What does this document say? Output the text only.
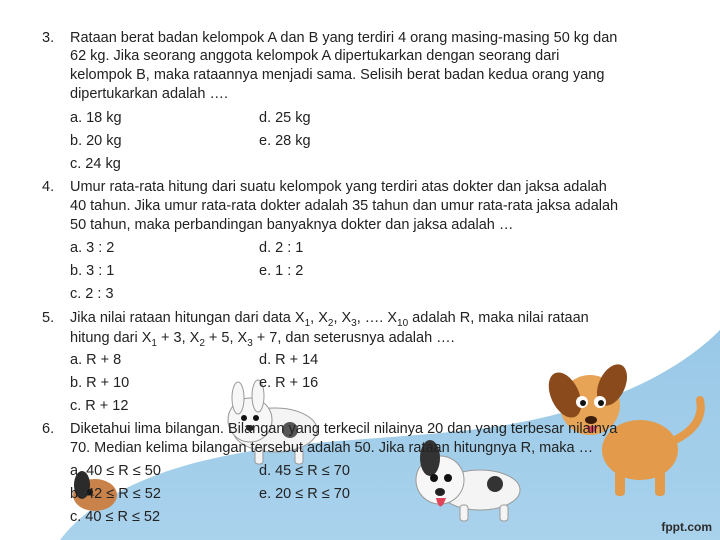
3. Rataan berat badan kelompok A dan B yang terdiri 4 orang masing-masing 50 kg dan
62 kg. Jika seorang anggota kelompok A dipertukarkan dengan seorang dari
kelompok B, maka rataannya menjadi sama. Selisih berat badan kedua orang yang
dipertukarkan adalah ….
a. 18 kg	d. 25 kg
b. 20 kg	e. 28 kg
c. 24 kg
4. Umur rata-rata hitung dari suatu kelompok yang terdiri atas dokter dan jaksa adalah
40 tahun. Jika umur rata-rata dokter adalah 35 tahun dan umur rata-rata jaksa adalah
50 tahun, maka perbandingan banyaknya dokter dan jaksa adalah …
a. 3 : 2	d. 2 : 1
b. 3 : 1	e. 1 : 2
c. 2 : 3
5. Jika nilai rataan hitungan dari data $X_1$, $X_2$, $X_3$, …. $X_{10}$ adalah R, maka nilai rataan
hitung dari $X_1 + 3$, $X_2 + 5$, $X_3 + 7$, dan seterusnya adalah ….
a. R + 8	d. R + 14
b. R + 10	e. R + 16
c. R + 12
6. Diketahui lima bilangan. Bilangan yang terkecil nilainya 20 dan yang terbesar nilainya
70. Median kelima bilangan tersebut adalah 50. Jika rataan hitungnya R, maka …
a. 40 ≤ R ≤ 50	d. 45 ≤ R ≤ 70
b. 42 ≤ R ≤ 52	e. 20 ≤ R ≤ 70
c. 40 ≤ R ≤ 52
fppt.com
